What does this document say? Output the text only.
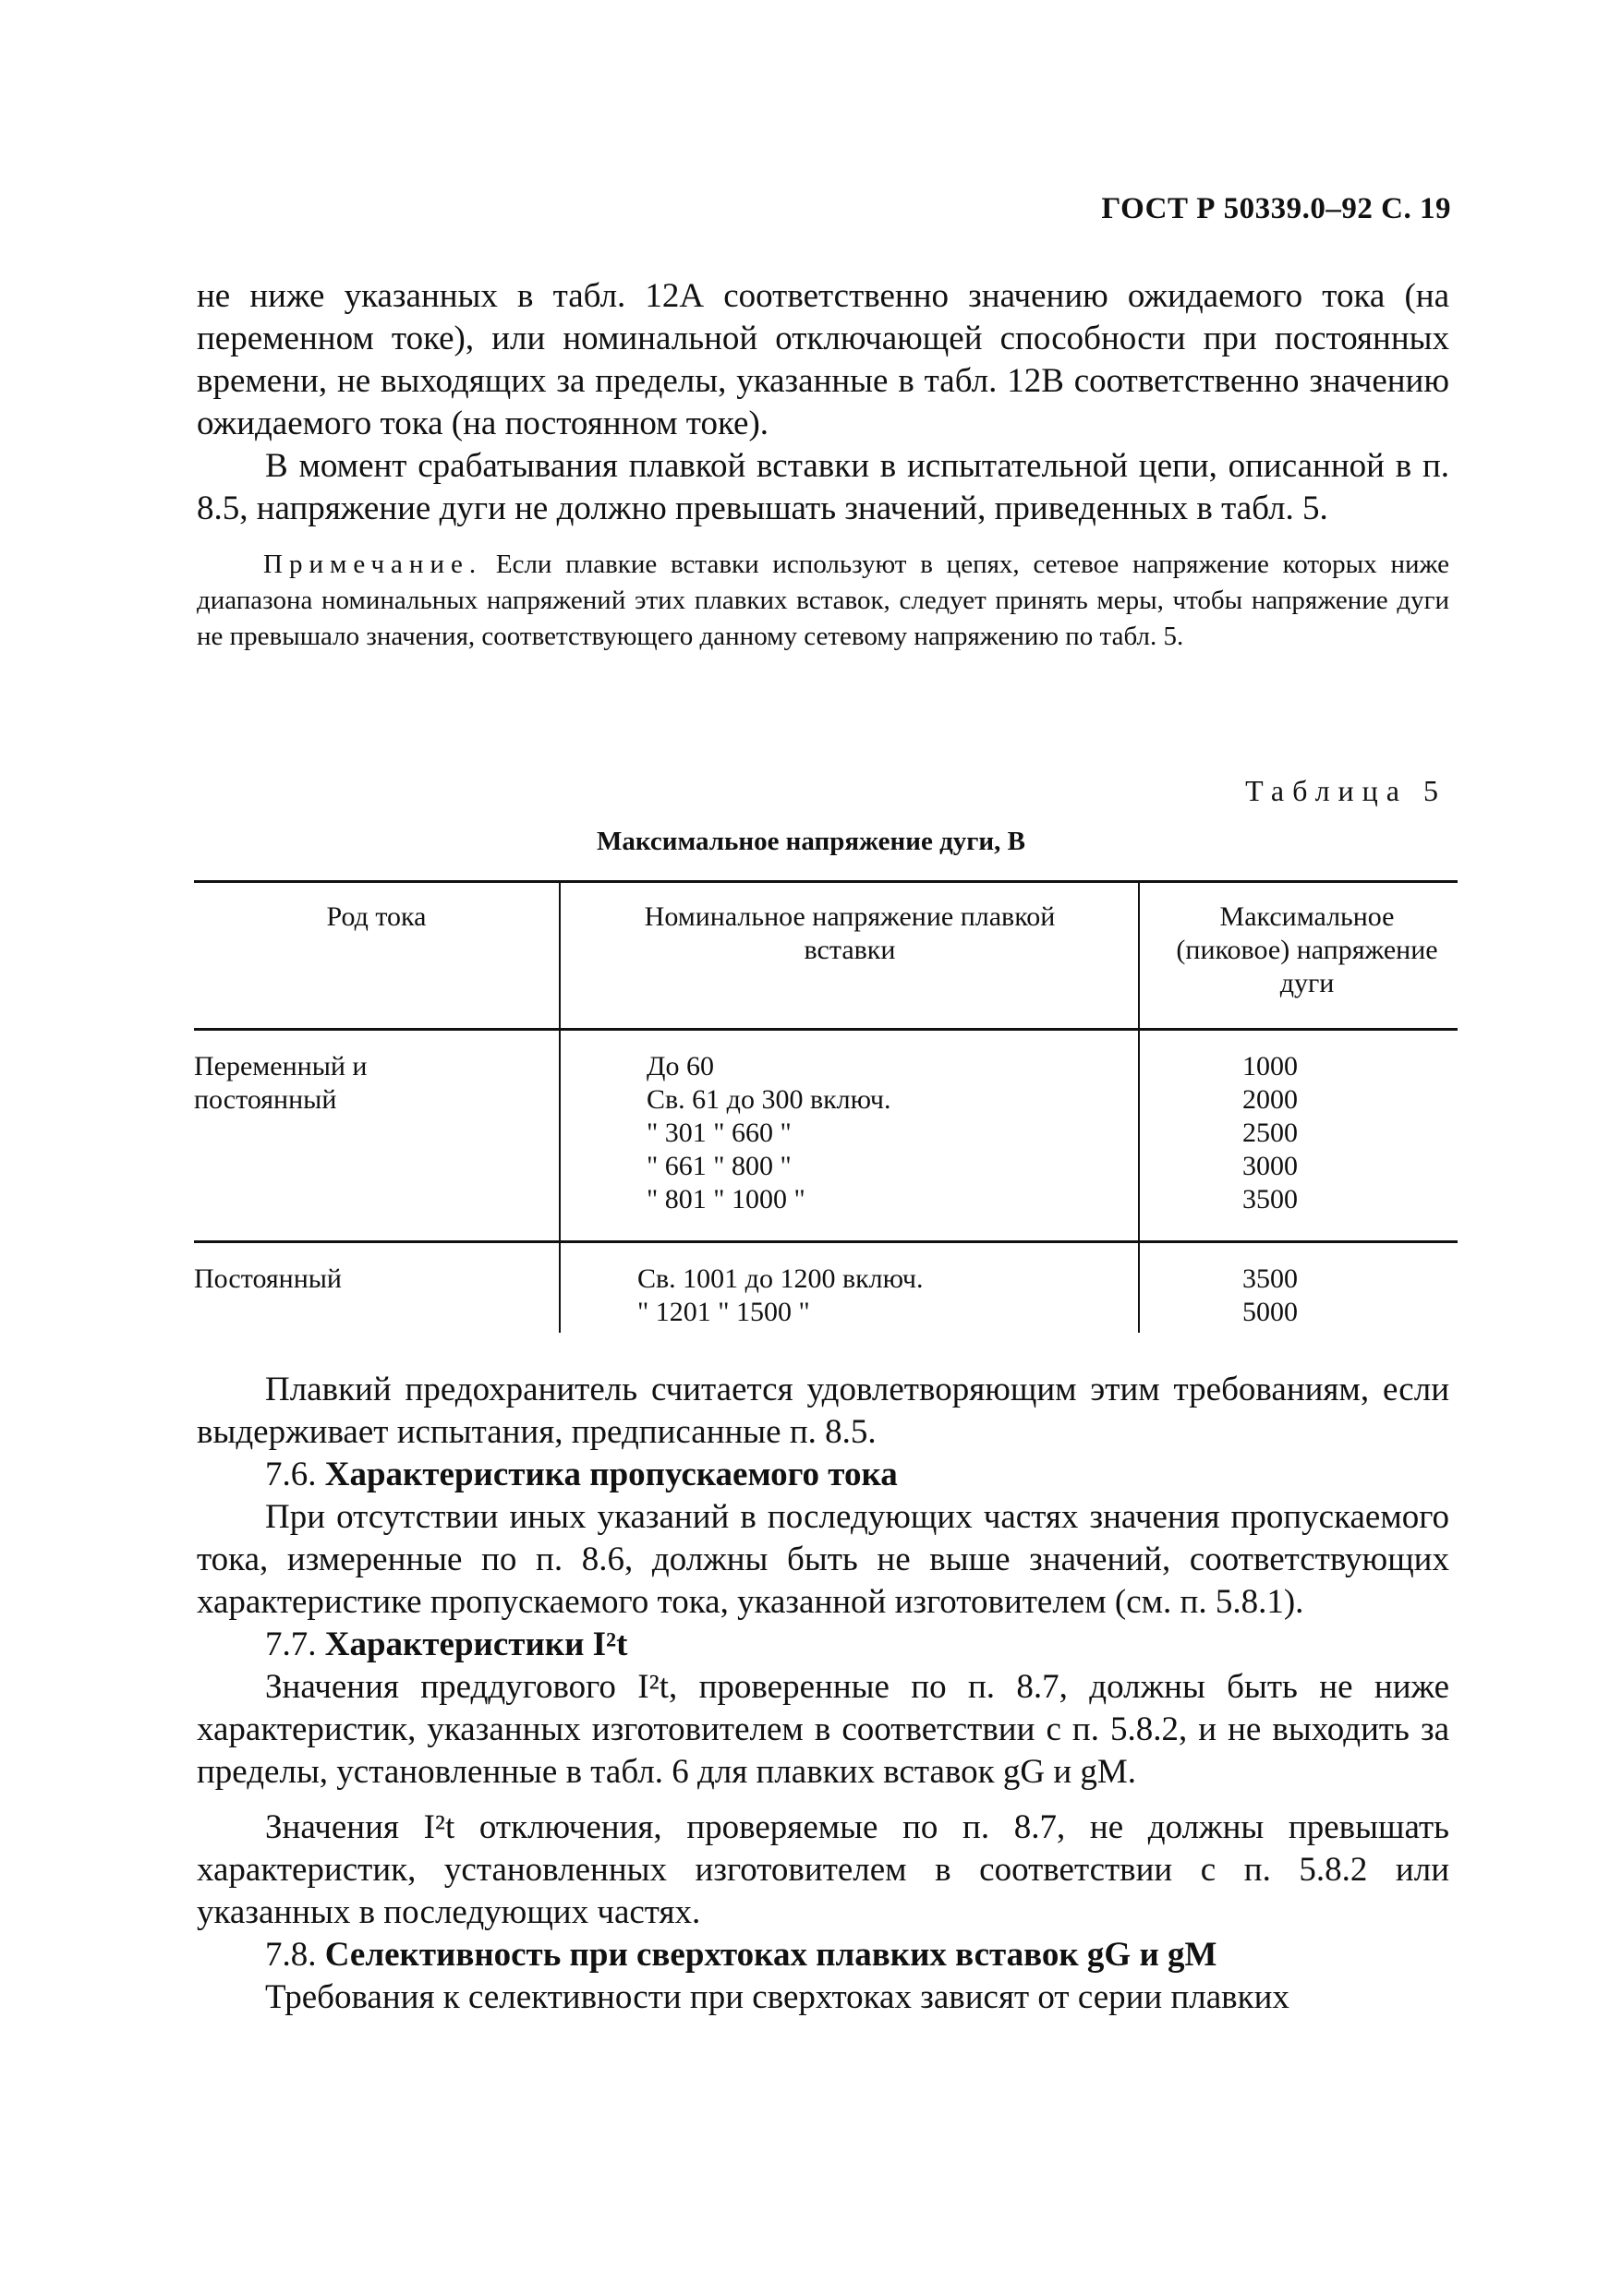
ГОСТ Р 50339.0–92 С. 19

не ниже указанных в табл. 12А соответственно значению ожидаемого тока (на переменном токе), или номинальной отключающей способности при постоянных времени, не выходящих за пределы, указанные в табл. 12В соответственно значению ожидаемого тока (на постоянном токе).

В момент срабатывания плавкой вставки в испытательной цепи, описанной в п. 8.5, напряжение дуги не должно превышать значений, приведенных в табл. 5.

Примечание. Если плавкие вставки используют в цепях, сетевое напряжение которых ниже диапазона номинальных напряжений этих плавких вставок, следует принять меры, чтобы напряжение дуги не превышало значения, соответствующего данному сетевому напряжению по табл. 5.

Таблица 5
Максимальное напряжение дуги, В
Род тока	Номинальное напряжение плавкой вставки
Максимальное (пиковое) напряжение дуги
Переменный и постоянный
До 60
Св. 61 до 300 включ.
" 301 " 660 "
" 661 " 800 "
" 801 " 1000 "
1000
2000
2500
3000
3500
Постоянный	Св. 1001 до 1200 включ.
" 1201 " 1500 "
3500
5000

Плавкий предохранитель считается удовлетворяющим этим требованиям, если выдерживает испытания, предписанные п. 8.5.

7.6. Характеристика пропускаемого тока

При отсутствии иных указаний в последующих частях значения пропускаемого тока, измеренные по п. 8.6, должны быть не выше значений, соответствующих характеристике пропускаемого тока, указанной изготовителем (см. п. 5.8.1).

7.7. Характеристики I²t

Значения преддугового I²t, проверенные по п. 8.7, должны быть не ниже характеристик, указанных изготовителем в соответствии с п. 5.8.2, и не выходить за пределы, установленные в табл. 6 для плавких вставок gG и gM.

Значения I²t отключения, проверяемые по п. 8.7, не должны превышать характеристик, установленных изготовителем в соответствии с п. 5.8.2 или указанных в последующих частях.

7.8. Селективность при сверхтоках плавких вставок gG и gM

Требования к селективности при сверхтоках зависят от серии плавких
